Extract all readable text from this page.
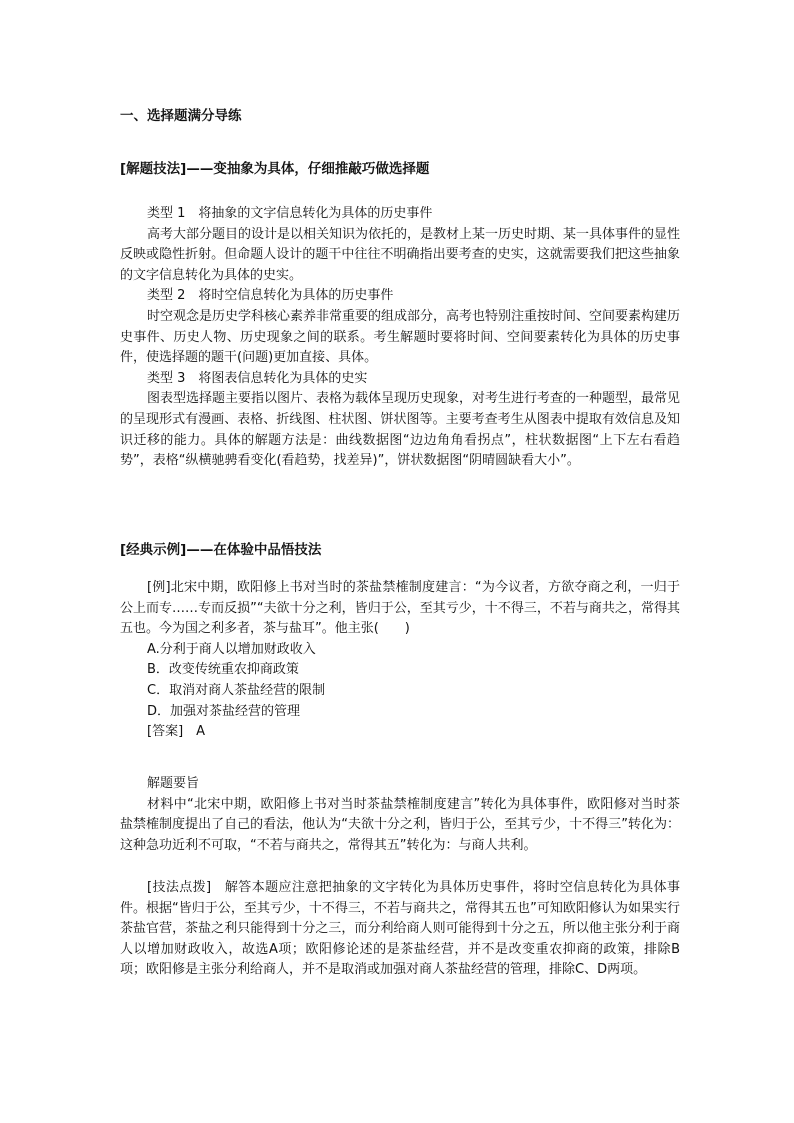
一、选择题满分导练

[解题技法]——变抽象为具体，仔细推敲巧做选择题

类型 1　将抽象的文字信息转化为具体的历史事件

高考大部分题目的设计是以相关知识为依托的，是教材上某一历史时期、某一具体事件的显性反映或隐性折射。但命题人设计的题干中往往不明确指出要考查的史实，这就需要我们把这些抽象的文字信息转化为具体的史实。

类型 2　将时空信息转化为具体的历史事件

时空观念是历史学科核心素养非常重要的组成部分，高考也特别注重按时间、空间要素构建历史事件、历史人物、历史现象之间的联系。考生解题时要将时间、空间要素转化为具体的历史事件，使选择题的题干(问题)更加直接、具体。

类型 3　将图表信息转化为具体的史实

图表型选择题主要指以图片、表格为载体呈现历史现象，对考生进行考查的一种题型，最常见的呈现形式有漫画、表格、折线图、柱状图、饼状图等。主要考查考生从图表中提取有效信息及知识迁移的能力。具体的解题方法是：曲线数据图“边边角角看拐点”，柱状数据图“上下左右看趋势”，表格“纵横驰骋看变化(看趋势，找差异)”，饼状数据图“阴晴圆缺看大小”。

[经典示例]——在体验中品悟技法

[例]北宋中期，欧阳修上书对当时的茶盐禁榷制度建言：“为今议者，方欲夺商之利，一归于公上而专……专而反损”“夫欲十分之利，皆归于公，至其亏少，十不得三，不若与商共之，常得其五也。今为国之利多者，茶与盐耳”。他主张(　　)

A.分利于商人以增加财政收入

B．改变传统重农抑商政策

C．取消对商人茶盐经营的限制

D．加强对茶盐经营的管理

[答案]　A

解题要旨

材料中“北宋中期，欧阳修上书对当时茶盐禁榷制度建言”转化为具体事件，欧阳修对当时茶盐禁榷制度提出了自己的看法，他认为“夫欲十分之利，皆归于公，至其亏少，十不得三”转化为：这种急功近利不可取，“不若与商共之，常得其五”转化为：与商人共利。

[技法点拨]　解答本题应注意把抽象的文字转化为具体历史事件，将时空信息转化为具体事件。根据“皆归于公，至其亏少，十不得三，不若与商共之，常得其五也”可知欧阳修认为如果实行茶盐官营，茶盐之利只能得到十分之三，而分利给商人则可能得到十分之五，所以他主张分利于商人以增加财政收入，故选A项；欧阳修论述的是茶盐经营，并不是改变重农抑商的政策，排除B项；欧阳修是主张分利给商人，并不是取消或加强对商人茶盐经营的管理，排除C、D两项。
